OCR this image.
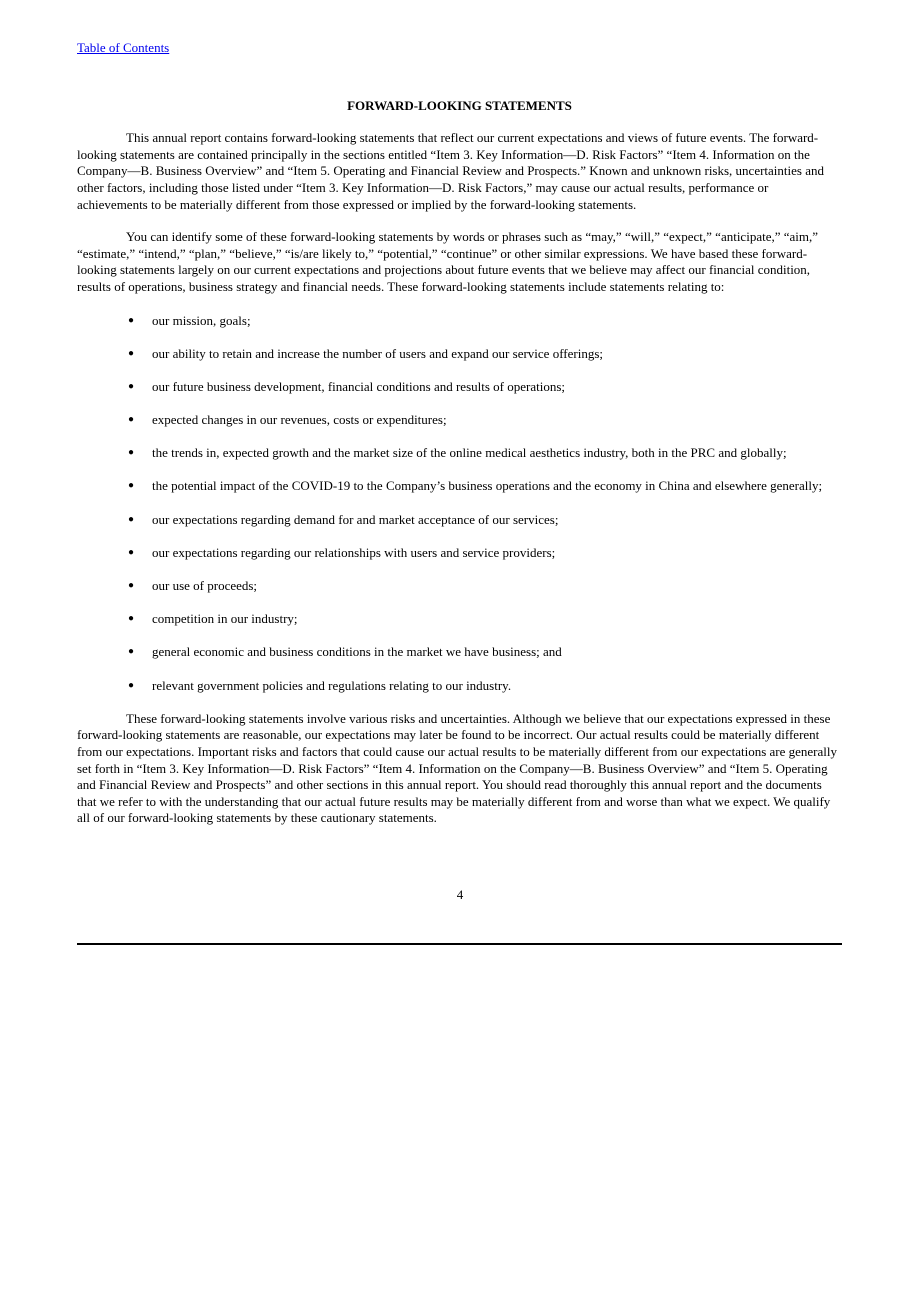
Table of Contents
FORWARD-LOOKING STATEMENTS

This annual report contains forward-looking statements that reflect our current expectations and views of future events. The forward-looking statements are contained principally in the sections entitled “Item 3. Key Information—D. Risk Factors” “Item 4. Information on the Company—B. Business Overview” and “Item 5. Operating and Financial Review and Prospects.” Known and unknown risks, uncertainties and other factors, including those listed under “Item 3. Key Information—D. Risk Factors,” may cause our actual results, performance or achievements to be materially different from those expressed or implied by the forward-looking statements.

You can identify some of these forward-looking statements by words or phrases such as “may,” “will,” “expect,” “anticipate,” “aim,” “estimate,” “intend,” “plan,” “believe,” “is/are likely to,” “potential,” “continue” or other similar expressions. We have based these forward-looking statements largely on our current expectations and projections about future events that we believe may affect our financial condition, results of operations, business strategy and financial needs. These forward-looking statements include statements relating to:

● our mission, goals;
● our ability to retain and increase the number of users and expand our service offerings;
● our future business development, financial conditions and results of operations;
● expected changes in our revenues, costs or expenditures;
● the trends in, expected growth and the market size of the online medical aesthetics industry, both in the PRC and globally;
● the potential impact of the COVID-19 to the Company’s business operations and the economy in China and elsewhere generally;
● our expectations regarding demand for and market acceptance of our services;
● our expectations regarding our relationships with users and service providers;
● our use of proceeds;
● competition in our industry;
● general economic and business conditions in the market we have business; and
● relevant government policies and regulations relating to our industry.

These forward-looking statements involve various risks and uncertainties. Although we believe that our expectations expressed in these forward-looking statements are reasonable, our expectations may later be found to be incorrect. Our actual results could be materially different from our expectations. Important risks and factors that could cause our actual results to be materially different from our expectations are generally set forth in “Item 3. Key Information—D. Risk Factors” “Item 4. Information on the Company—B. Business Overview” and “Item 5. Operating and Financial Review and Prospects” and other sections in this annual report. You should read thoroughly this annual report and the documents that we refer to with the understanding that our actual future results may be materially different from and worse than what we expect. We qualify all of our forward-looking statements by these cautionary statements.

4
